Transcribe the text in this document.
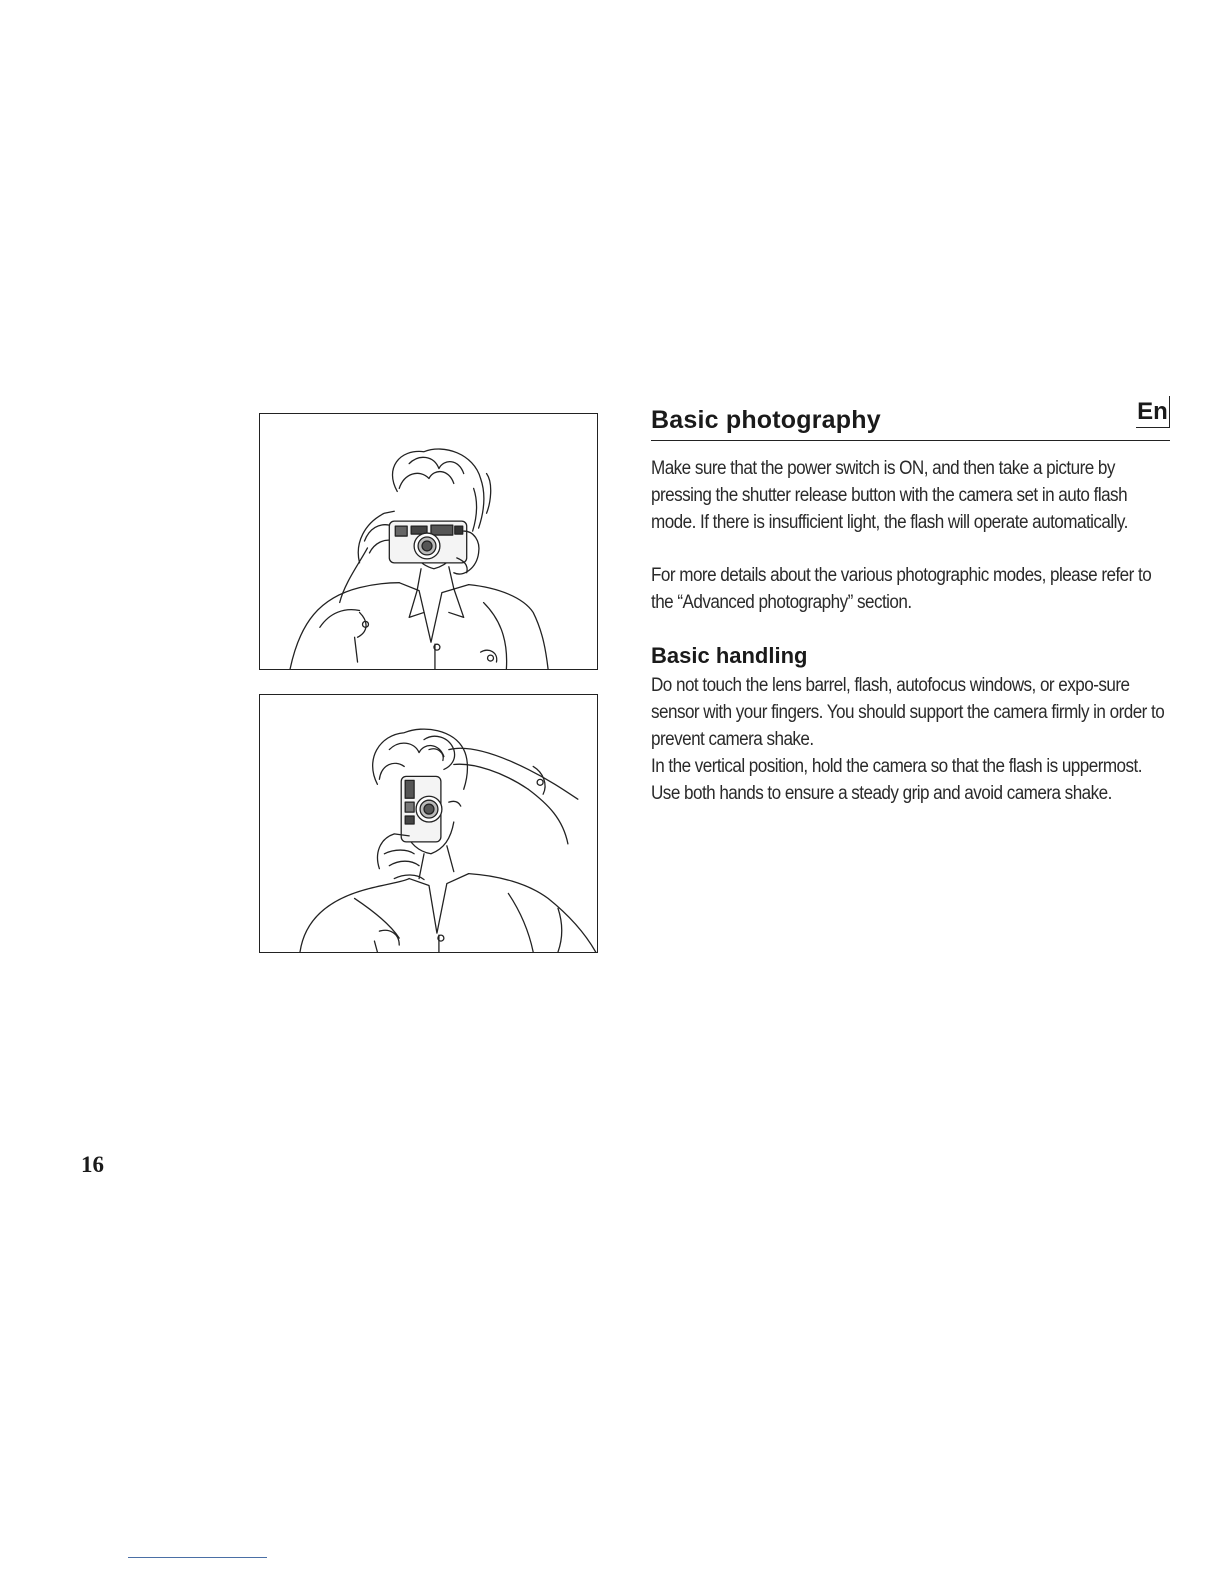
Basic photography	En

Make sure that the power switch is ON, and then take a picture by pressing the shutter release button with the camera set in auto flash mode. If there is insufficient light, the flash will operate automatically.

For more details about the various photographic modes, please refer to the “Advanced photography” section.

Basic handling

Do not touch the lens barrel, flash, autofocus windows, or expo-sure sensor with your fingers. You should support the camera firmly in order to prevent camera shake.

In the vertical position, hold the camera so that the flash is uppermost. Use both hands to ensure a steady grip and avoid camera shake.

16
